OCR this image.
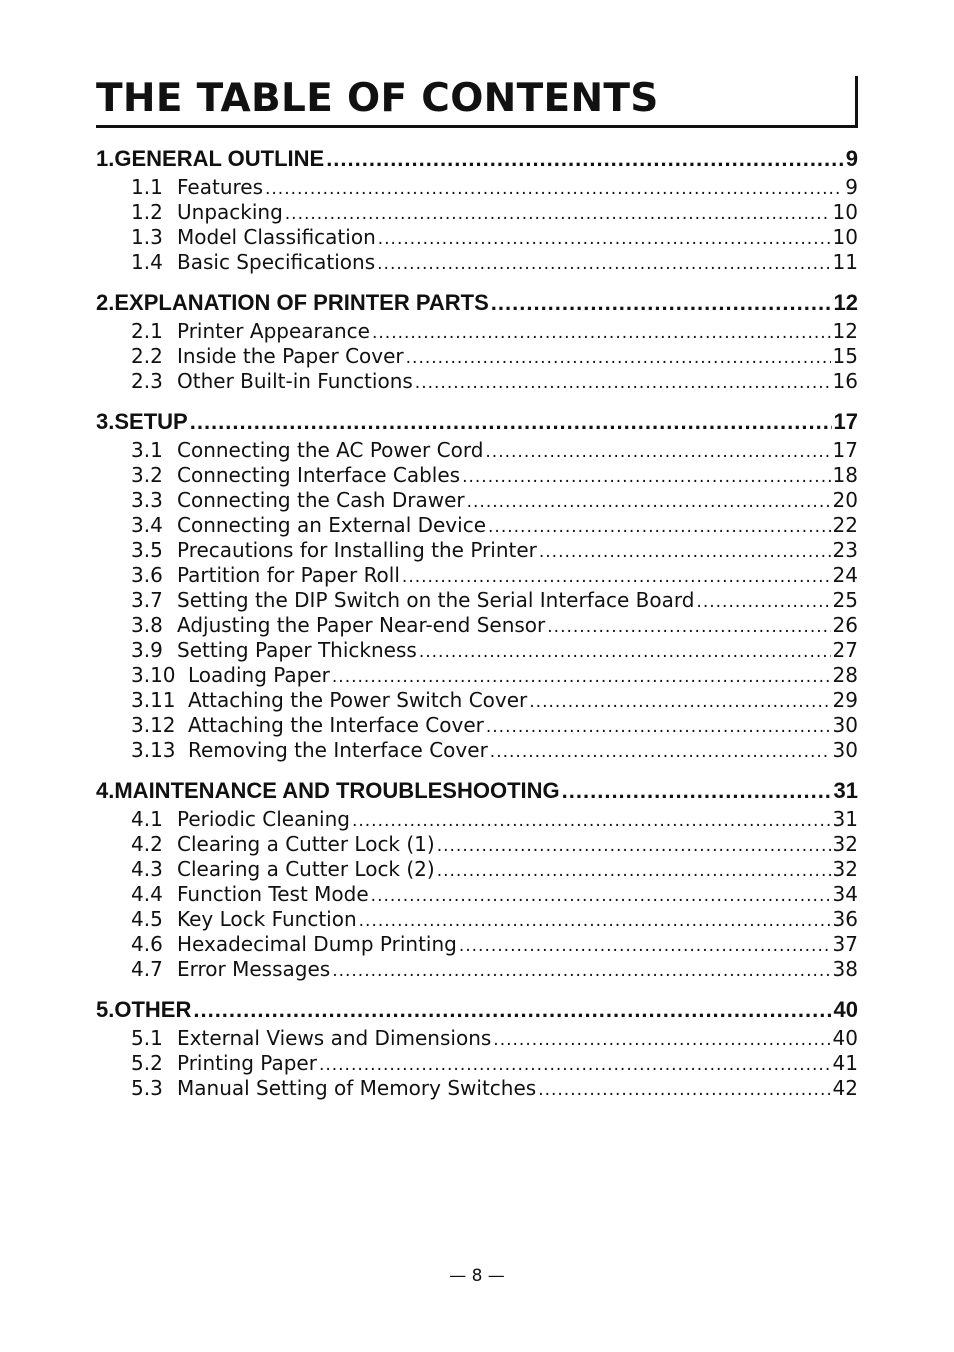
THE TABLE OF CONTENTS
1. GENERAL OUTLINE .....	9
1.1 Features .....	9
1.2 Unpacking .....	10
1.3 Model Classification .....	10
1.4 Basic Specifications .....	11
2. EXPLANATION OF PRINTER PARTS .....	12
2.1 Printer Appearance .....	12
2.2 Inside the Paper Cover .....	15
2.3 Other Built-in Functions .....	16
3. SETUP .....	17
3.1 Connecting the AC Power Cord .....	17
3.2 Connecting Interface Cables .....	18
3.3 Connecting the Cash Drawer .....	20
3.4 Connecting an External Device .....	22
3.5 Precautions for Installing the Printer .....	23
3.6 Partition for Paper Roll .....	24
3.7 Setting the DIP Switch on the Serial Interface Board .....	25
3.8 Adjusting the Paper Near-end Sensor .....	26
3.9 Setting Paper Thickness .....	27
3.10 Loading Paper .....	28
3.11 Attaching the Power Switch Cover .....	29
3.12 Attaching the Interface Cover .....	30
3.13 Removing the Interface Cover .....	30
4. MAINTENANCE AND TROUBLESHOOTING .....	31
4.1 Periodic Cleaning .....	31
4.2 Clearing a Cutter Lock (1) .....	32
4.3 Clearing a Cutter Lock (2) .....	32
4.4 Function Test Mode .....	34
4.5 Key Lock Function .....	36
4.6 Hexadecimal Dump Printing .....	37
4.7 Error Messages .....	38
5. OTHER .....	40
5.1 External Views and Dimensions .....	40
5.2 Printing Paper .....	41
5.3 Manual Setting of Memory Switches .....	42
— 8 —
